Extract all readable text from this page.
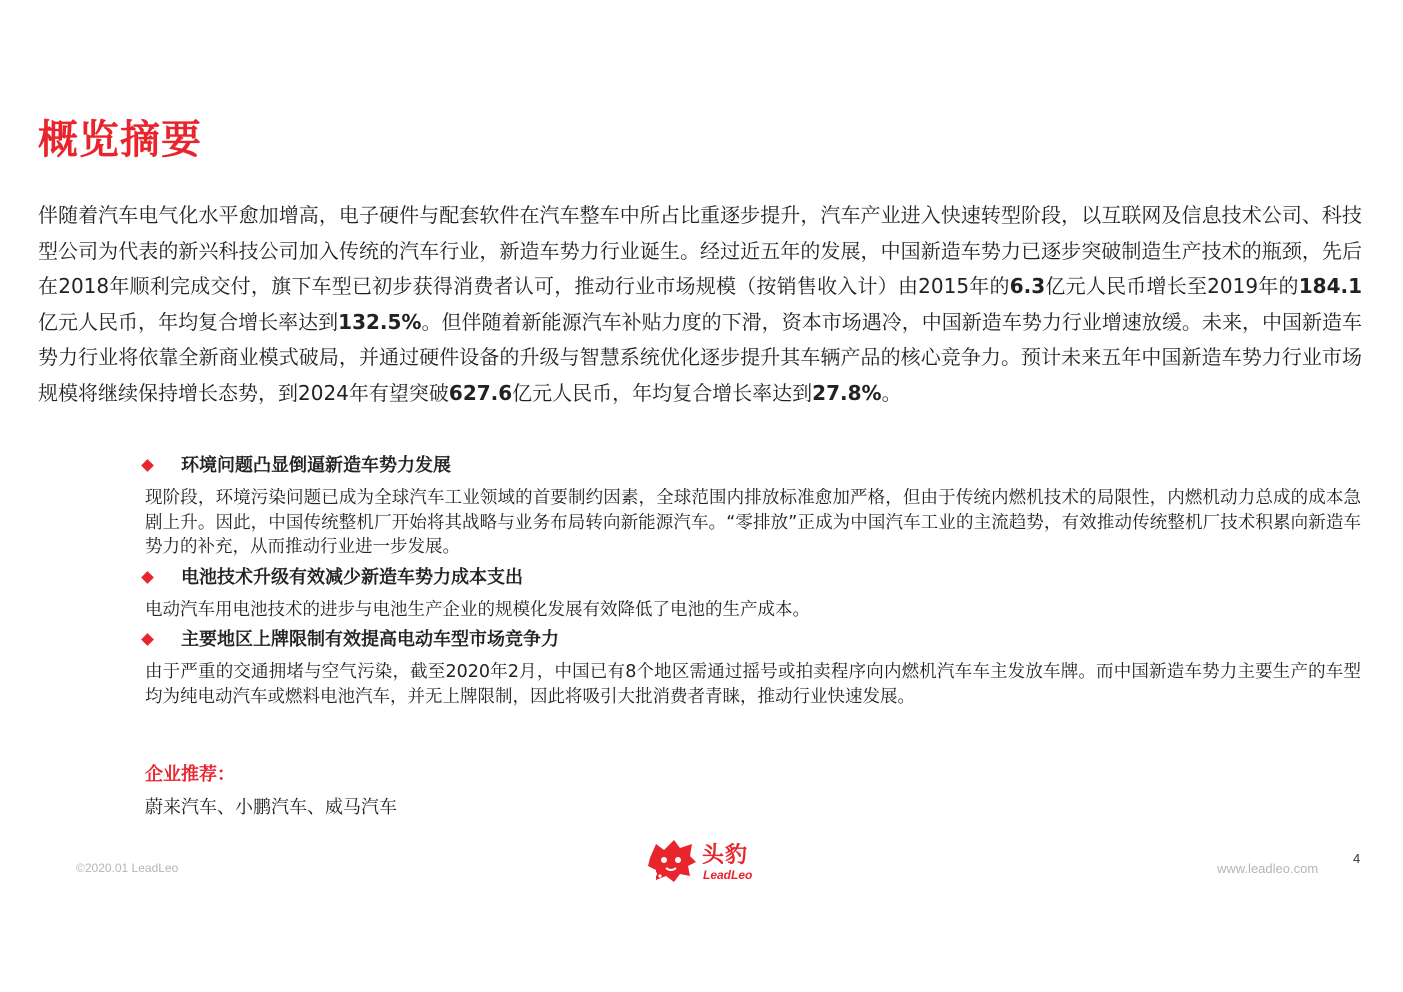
概览摘要
伴随着汽车电气化水平愈加增高，电子硬件与配套软件在汽车整车中所占比重逐步提升，汽车产业进入快速转型阶段，以互联网及信息技术公司、科技型公司为代表的新兴科技公司加入传统的汽车行业，新造车势力行业诞生。经过近五年的发展，中国新造车势力已逐步突破制造生产技术的瓶颈，先后在2018年顺利完成交付，旗下车型已初步获得消费者认可，推动行业市场规模（按销售收入计）由2015年的6.3亿元人民币增长至2019年的184.1亿元人民币，年均复合增长率达到132.5%。但伴随着新能源汽车补贴力度的下滑，资本市场遇冷，中国新造车势力行业增速放缓。未来，中国新造车势力行业将依靠全新商业模式破局，并通过硬件设备的升级与智慧系统优化逐步提升其车辆产品的核心竞争力。预计未来五年中国新造车势力行业市场规模将继续保持增长态势，到2024年有望突破627.6亿元人民币，年均复合增长率达到27.8%。
环境问题凸显倒逼新造车势力发展
现阶段，环境污染问题已成为全球汽车工业领域的首要制约因素，全球范围内排放标准愈加严格，但由于传统内燃机技术的局限性，内燃机动力总成的成本急剧上升。因此，中国传统整机厂开始将其战略与业务布局转向新能源汽车。“零排放”正成为中国汽车工业的主流趋势，有效推动传统整机厂技术积累向新造车势力的补充，从而推动行业进一步发展。
电池技术升级有效减少新造车势力成本支出
电动汽车用电池技术的进步与电池生产企业的规模化发展有效降低了电池的生产成本。
主要地区上牌限制有效提高电动车型市场竞争力
由于严重的交通拥堵与空气污染，截至2020年2月，中国已有8个地区需通过摇号或拍卖程序向内燃机汽车车主发放车牌。而中国新造车势力主要生产的车型均为纯电动汽车或燃料电池汽车，并无上牌限制，因此将吸引大批消费者青睐，推动行业快速发展。
企业推荐：
蔚来汽车、小鹏汽车、威马汽车
©2020.01 LeadLeo	头豹
LeadLeo	www.leadleo.com
4
